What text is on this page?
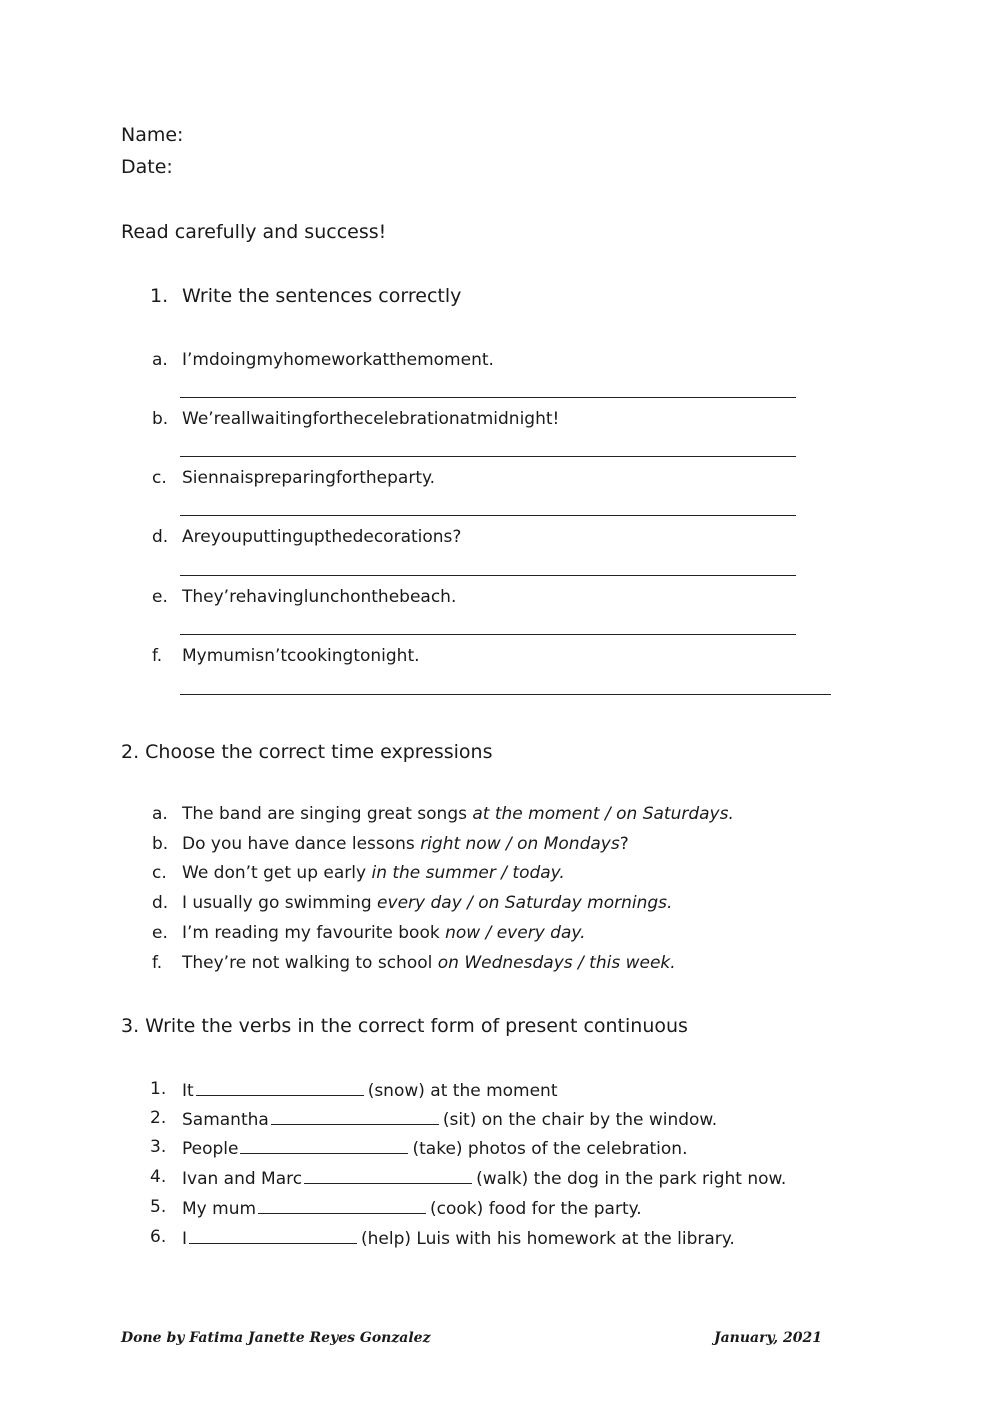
Name:
Date:
Read carefully and success!
1. Write the sentences correctly
a. I’mdoingmyhomeworkatthemoment.
b. We’reallwaitingforthecelebrationatmidnight!
c. Siennaispreparingfortheparty.
d. Areyouputtingupthedecorations?
e. They’rehavinglunchonthebeach.
f. Mymumisn’tcookingtonight.
2. Choose the correct time expressions
a. The band are singing great songs at the moment / on Saturdays.
b. Do you have dance lessons right now / on Mondays?
c. We don’t get up early in the summer / today.
d. I usually go swimming every day / on Saturday mornings.
e. I’m reading my favourite book now / every day.
f. They’re not walking to school on Wednesdays / this week.
3. Write the verbs in the correct form of present continuous
1. It	(snow) at the moment
2. Samantha	(sit) on the chair by the window.
3. People	(take) photos of the celebration.
4. Ivan and Marc	(walk) the dog in the park right now.
5. My mum	(cook) food for the party.
6. I	(help) Luis with his homework at the library.
Done by Fatima Janette Reyes Gonzalez	January, 2021
